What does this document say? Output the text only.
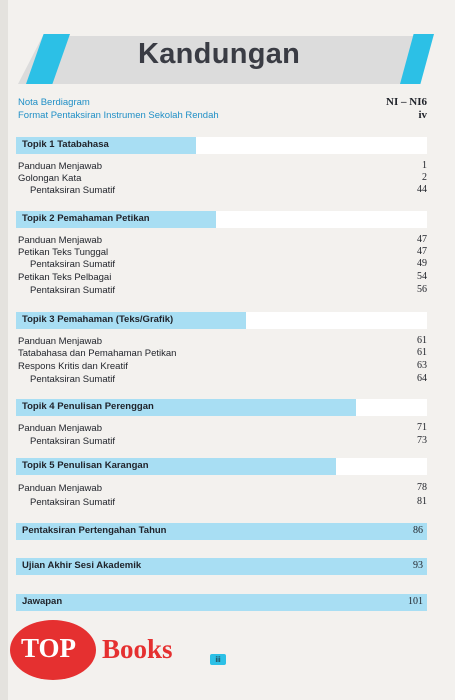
Kandungan
Nota Berdiagram	NI – NI6
Format Pentaksiran Instrumen Sekolah Rendah	iv
Topik 1 Tatabahasa
Panduan Menjawab	1
Golongan Kata	2
Pentaksiran Sumatif	44
Topik 2 Pemahaman Petikan
Panduan Menjawab	47
Petikan Teks Tunggal	47
Pentaksiran Sumatif	49
Petikan Teks Pelbagai	54
Pentaksiran Sumatif	56
Topik 3 Pemahaman (Teks/Grafik)
Panduan Menjawab	61
Tatabahasa dan Pemahaman Petikan	61
Respons Kritis dan Kreatif	63
Pentaksiran Sumatif	64
Topik 4 Penulisan Perenggan
Panduan Menjawab	71
Pentaksiran Sumatif	73
Topik 5 Penulisan Karangan
Panduan Menjawab	78
Pentaksiran Sumatif	81
Pentaksiran Pertengahan Tahun	86
Ujian Akhir Sesi Akademik	93
Jawapan	101
TOP Books	iii
